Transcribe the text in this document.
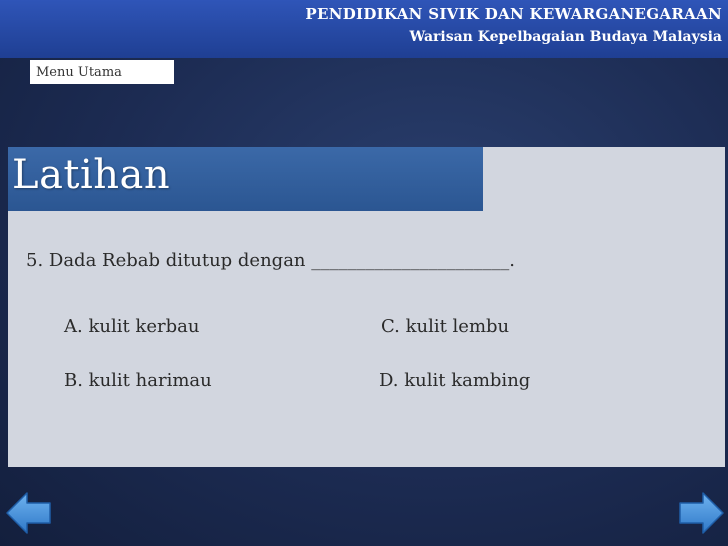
PENDIDIKAN SIVIK DAN KEWARGANEGARAAN

Warisan Kepelbagaian Budaya Malaysia

Menu Utama
Latihan

5. Dada Rebab ditutup dengan ______________________.

A. kulit kerbau

B. kulit harimau

C. kulit lembu

D. kulit kambing
